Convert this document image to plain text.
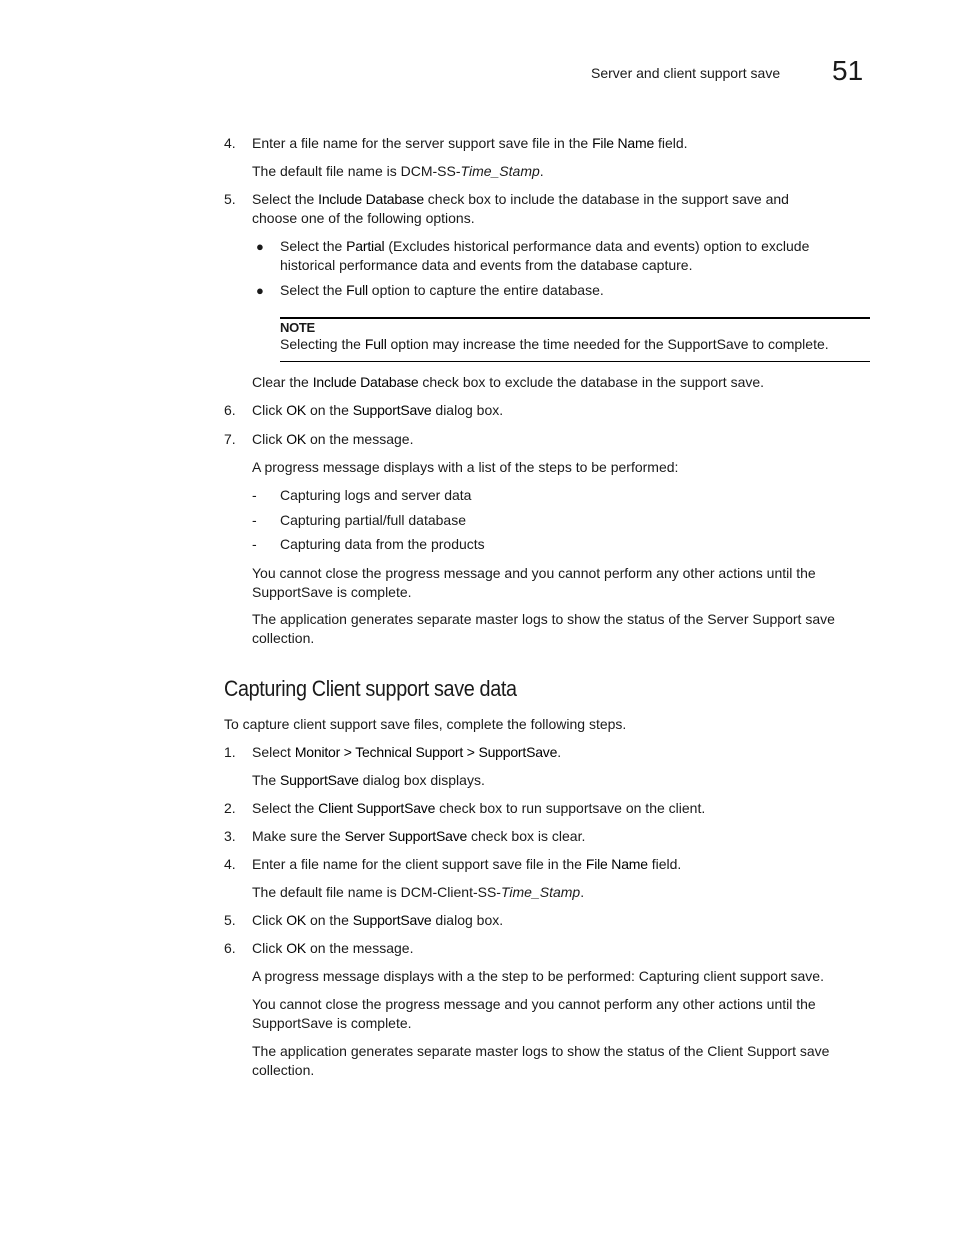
Server and client support save 51
4. Enter a file name for the server support save file in the File Name field.
The default file name is DCM-SS-Time_Stamp.
5. Select the Include Database check box to include the database in the support save and
choose one of the following options.
● Select the Partial (Excludes historical performance data and events) option to exclude
historical performance data and events from the database capture.
● Select the Full option to capture the entire database.
NOTE
Selecting the Full option may increase the time needed for the SupportSave to complete.
Clear the Include Database check box to exclude the database in the support save.
6. Click OK on the SupportSave dialog box.
7. Click OK on the message.
A progress message displays with a list of the steps to be performed:
- Capturing logs and server data
- Capturing partial/full database
- Capturing data from the products
You cannot close the progress message and you cannot perform any other actions until the
SupportSave is complete.
The application generates separate master logs to show the status of the Server Support save
collection.
Capturing Client support save data
To capture client support save files, complete the following steps.
1. Select Monitor > Technical Support > SupportSave.
The SupportSave dialog box displays.
2. Select the Client SupportSave check box to run supportsave on the client.
3. Make sure the Server SupportSave check box is clear.
4. Enter a file name for the client support save file in the File Name field.
The default file name is DCM-Client-SS-Time_Stamp.
5. Click OK on the SupportSave dialog box.
6. Click OK on the message.
A progress message displays with a the step to be performed: Capturing client support save.
You cannot close the progress message and you cannot perform any other actions until the
SupportSave is complete.
The application generates separate master logs to show the status of the Client Support save
collection.
